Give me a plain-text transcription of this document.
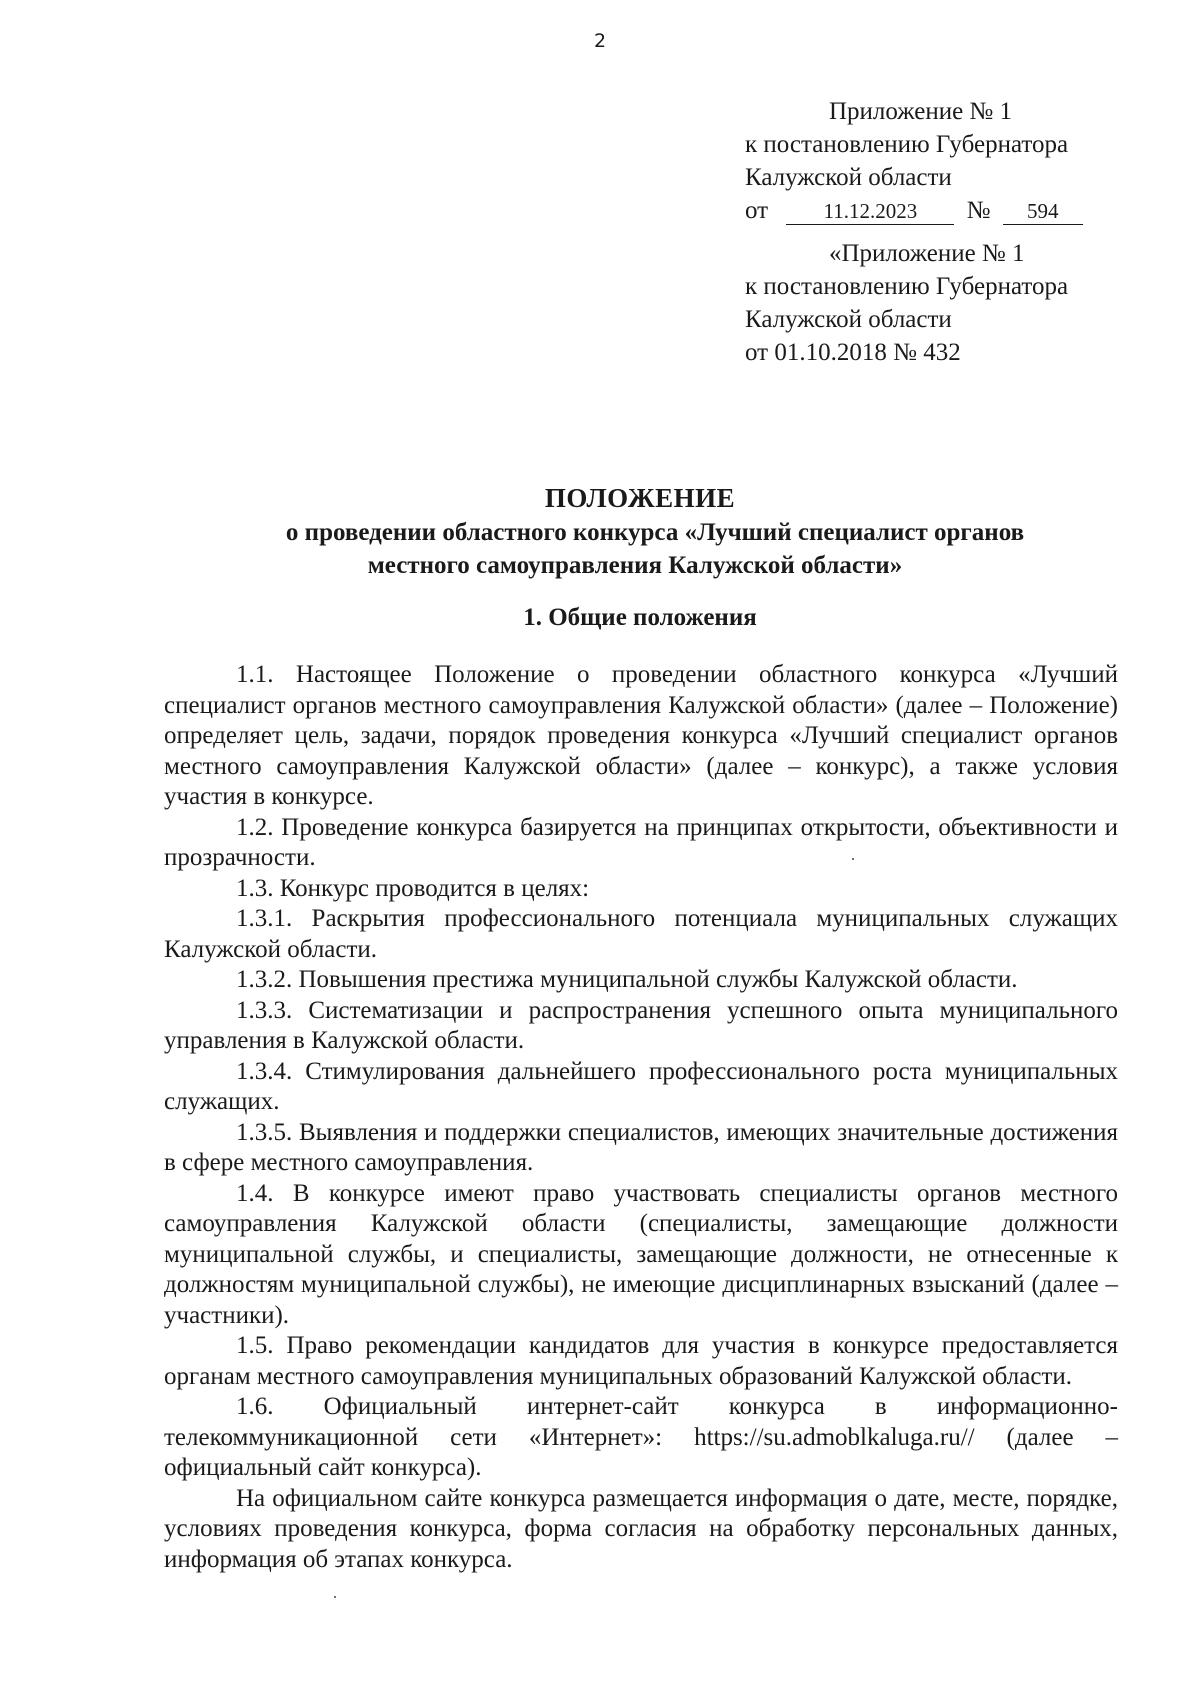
2
Приложение № 1
к постановлению Губернатора
Калужской области
от	11.12.2023 № 594
«Приложение № 1
к постановлению Губернатора
Калужской области
от 01.10.2018 № 432
ПОЛОЖЕНИЕ
о проведении областного конкурса «Лучший специалист органов
местного самоуправления Калужской области»
1. Общие положения

1.1. Настоящее Положение о проведении областного конкурса «Лучший специалист органов местного самоуправления Калужской области» (далее – Положение) определяет цель, задачи, порядок проведения конкурса «Лучший специалист органов местного самоуправления Калужской области» (далее – конкурс), а также условия участия в конкурсе.

1.2. Проведение конкурса базируется на принципах открытости, объективности и прозрачности.

1.3. Конкурс проводится в целях:

1.3.1. Раскрытия профессионального потенциала муниципальных служащих Калужской области.

1.3.2. Повышения престижа муниципальной службы Калужской области.

1.3.3. Систематизации и распространения успешного опыта муниципального управления в Калужской области.

1.3.4. Стимулирования дальнейшего профессионального роста муниципальных служащих.

1.3.5. Выявления и поддержки специалистов, имеющих значительные достижения в сфере местного самоуправления.

1.4. В конкурсе имеют право участвовать специалисты органов местного самоуправления Калужской области (специалисты, замещающие должности муниципальной службы, и специалисты, замещающие должности, не отнесенные к должностям муниципальной службы), не имеющие дисциплинарных взысканий (далее – участники).

1.5. Право рекомендации кандидатов для участия в конкурсе предоставляется органам местного самоуправления муниципальных образований Калужской области.

1.6. Официальный интернет-сайт конкурса в информационно-телекоммуникационной сети «Интернет»: https://su.admoblkaluga.ru// (далее – официальный сайт конкурса).

На официальном сайте конкурса размещается информация о дате, месте, порядке, условиях проведения конкурса, форма согласия на обработку персональных данных, информация об этапах конкурса.
